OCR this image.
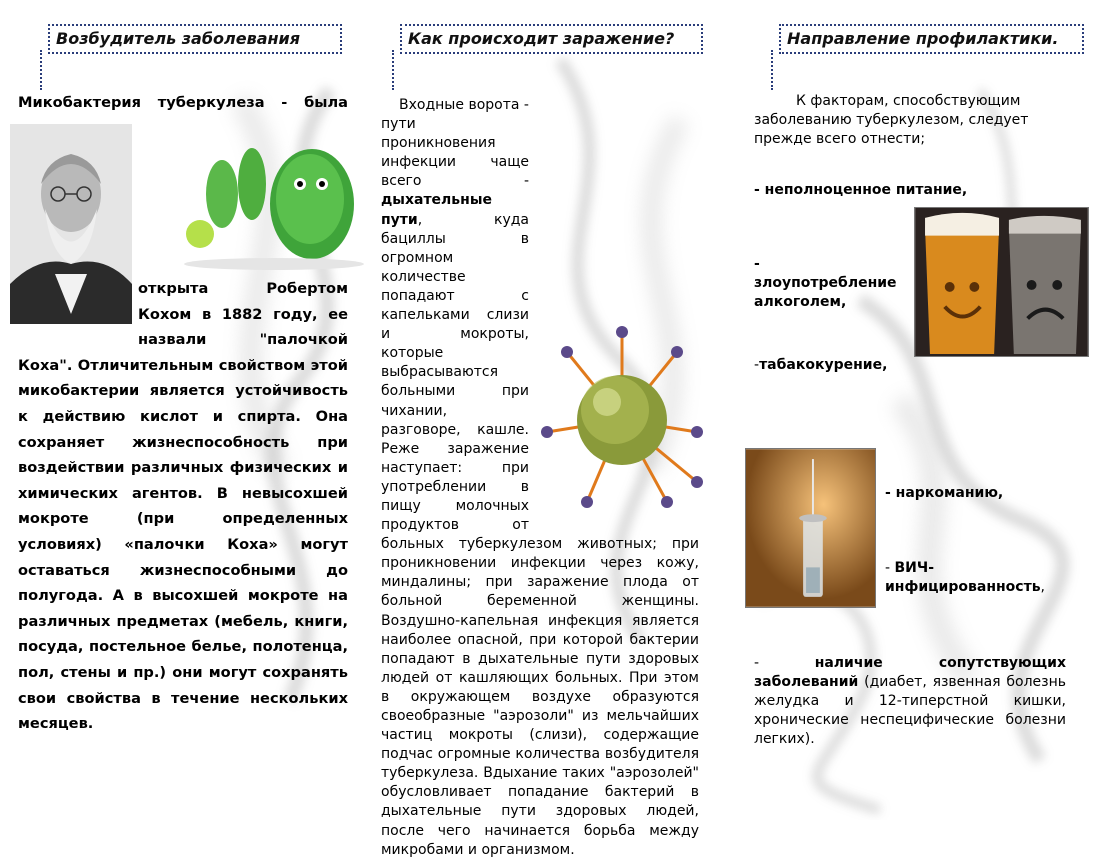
Возбудитель заболевания	Как происходит заражение?	Направление профилактики.

Микобактерия туберкулеза - была открыта Робертом Кохом в 1882 году, ее назвали "палочкой Коха". Отличительным свойством этой микобактерии является устойчивость к действию кислот и спирта. Она сохраняет жизнеспособность при воздействии различных физических и химических агентов. В невысохшей мокроте (при определенных условиях) «палочки Коха» могут оставаться жизнеспособными до полугода. А в высохшей мокроте на различных предметах (мебель, книги, посуда, постельное белье, полотенца, пол, стены и пр.) они могут сохранять свои свойства в течение нескольких месяцев.

Входные ворота - пути проникновения инфекции чаще всего - дыхательные пути, куда бациллы в огромном количестве попадают с капельками слизи и мокроты, которые выбрасываются больными при чихании, разговоре, кашле. Реже заражение наступает: при употреблении в пищу молочных продуктов от больных туберкулезом животных; при проникновении инфекции через кожу, миндалины; при заражение плода от больной беременной женщины. Воздушно-капельная инфекция является наиболее опасной, при которой бактерии попадают в дыхательные пути здоровых людей от кашляющих больных. При этом в окружающем воздухе образуются своеобразные "аэрозоли" из мельчайших частиц мокроты (слизи), содержащие подчас огромные количества возбудителя туберкулеза. Вдыхание таких "аэрозолей" обусловливает попадание бактерий в дыхательные пути здоровых людей, после чего начинается борьба между микробами и организмом.

К факторам, способствующим заболеванию туберкулезом, следует прежде всего отнести;

- неполноценное питание,

- злоупотребление алкоголем,

-табакокурение,

- наркоманию,

- ВИЧ-инфицированность,

- наличие сопутствующих заболеваний (диабет, язвенная болезнь желудка и 12-типерстной кишки, хронические неспецифические болезни легких).
